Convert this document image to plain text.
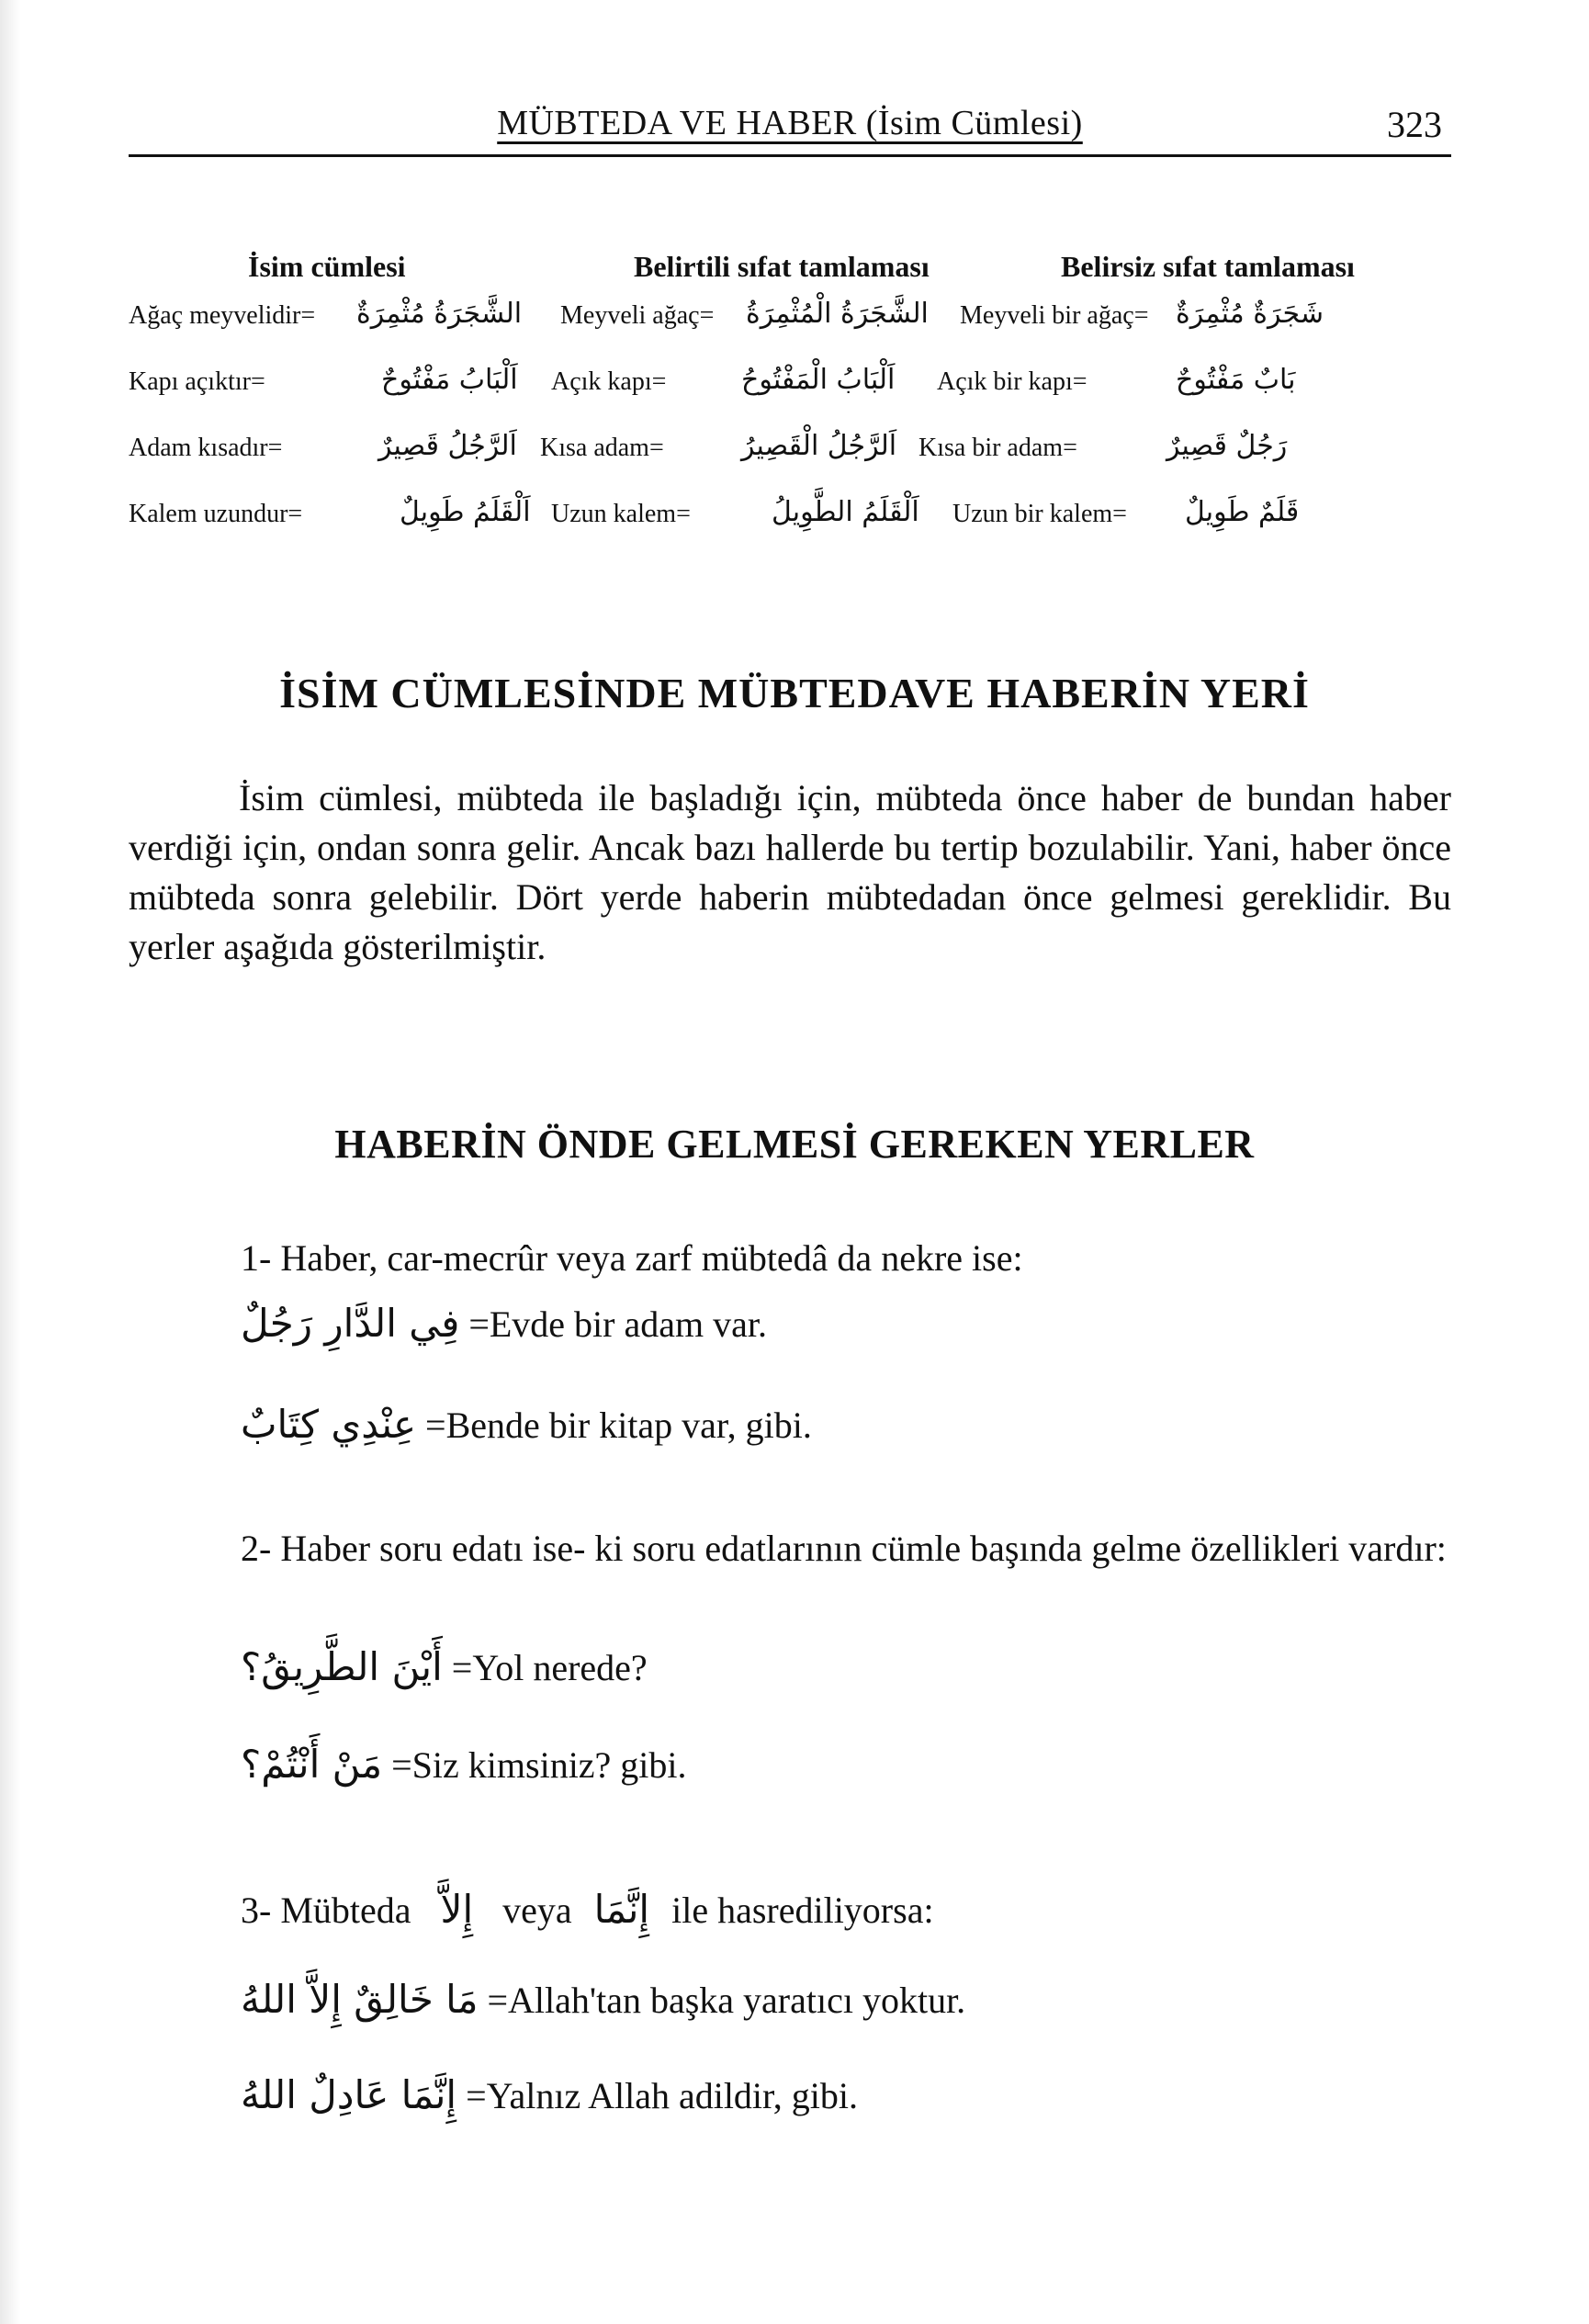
MÜBTEDA VE HABER (İsim Cümlesi)	323
İsim cümlesi	Belirtili sıfat tamlaması	Belirsiz sıfat tamlaması
Ağaç meyvelidir= الشَّجَرَةُ مُثْمِرَةٌ Meyveli ağaç= الشَّجَرَةُ الْمُثْمِرَةُ Meyveli bir ağaç= شَجَرَةٌ مُثْمِرَةٌ
Kapı açıktır=	اَلْبَابُ مَفْتُوحٌ Açık kapı=	اَلْبَابُ الْمَفْتُوحُ Açık bir kapı=	بَابٌ مَفْتُوحٌ
Adam kısadır=	اَلرَّجُلُ قَصِيرٌ Kısa adam=	اَلرَّجُلُ الْقَصِيرُ Kısa bir adam=	رَجُلٌ قَصِيرٌ
Kalem uzundur=	اَلْقَلَمُ طَوِيلٌ Uzun kalem=	اَلْقَلَمُ الطَّوِيلُ Uzun bir kalem= قَلَمٌ طَوِيلٌ
İSİM CÜMLESİNDE MÜBTEDAVE HABERİN YERİ

İsim cümlesi, mübteda ile başladığı için, mübteda önce haber de bundan haber verdiği için, ondan sonra gelir. Ancak bazı hallerde bu tertip bozulabilir. Yani, haber önce mübteda sonra gelebilir. Dört yerde haberin mübtedadan önce gelmesi gereklidir. Bu yerler aşağıda gösterilmiştir.

HABERİN ÖNDE GELMESİ GEREKEN YERLER
1- Haber, car-mecrûr veya zarf mübtedâ da nekre ise:
فِي الدَّارِ رَجُلٌ =Evde bir adam var.
عِنْدِي كِتَابٌ =Bende bir kitap var, gibi.
2- Haber soru edatı ise- ki soru edatlarının cümle başında gelme özellikleri vardır:
أَيْنَ الطَّرِيقُ؟ =Yol nerede?
مَنْ أَنْتُمْ؟ =Siz kimsiniz? gibi.
3- Mübteda إِلاَّ veya إِنَّمَا ile hasrediliyorsa:
مَا خَالِقٌ إِلاَّ اللهُ =Allah'tan başka yaratıcı yoktur.
إِنَّمَا عَادِلٌ اللهُ =Yalnız Allah adildir, gibi.
